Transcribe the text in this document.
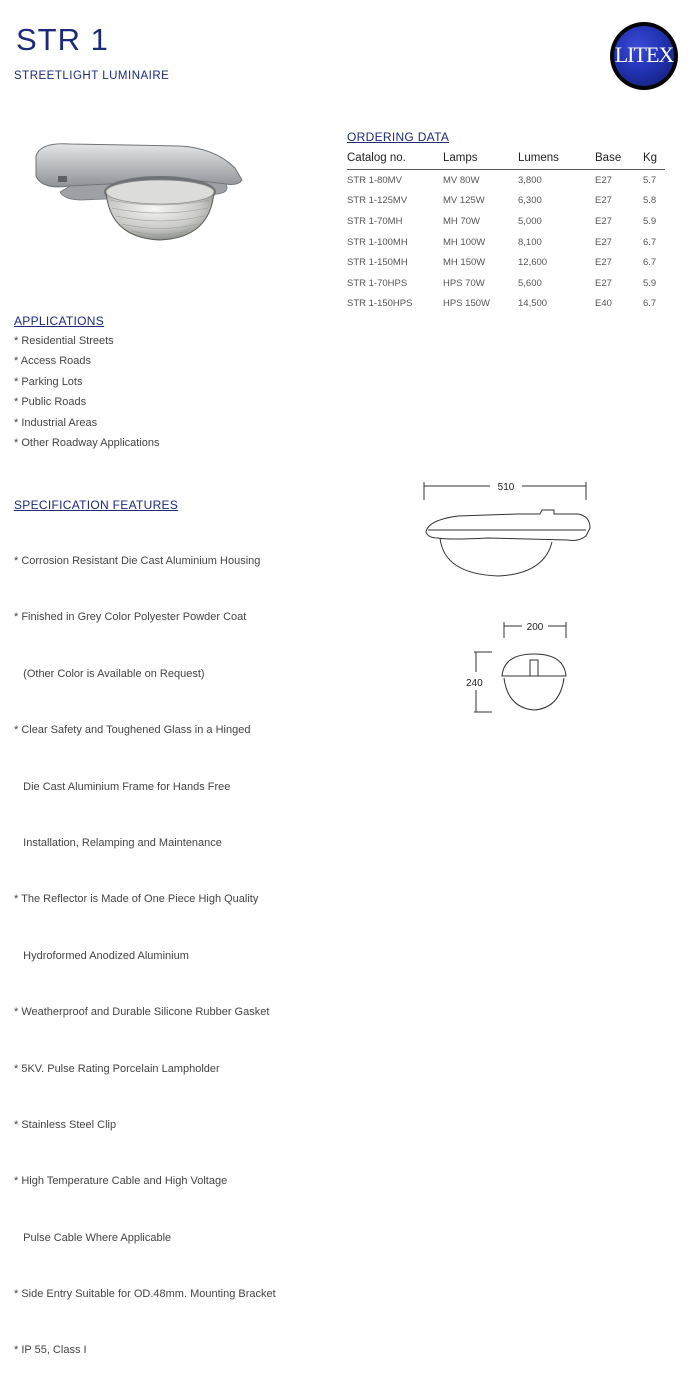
STR 1
STREETLIGHT LUMINAIRE
LITEX
ORDERING DATA
Catalog no.	Lamps	Lumens	Base	Kg
STR 1-80MV	MV 80W	3,800	E27	5.7
STR 1-125MV	MV 125W	6,300	E27	5.8
STR 1-70MH	MH 70W	5,000	E27	5.9
STR 1-100MH	MH 100W	8,100	E27	6.7
STR 1-150MH	MH 150W	12,600	E27	6.7
STR 1-70HPS	HPS 70W	5,600	E27	5.9
STR 1-150HPS	HPS 150W	14,500	E40	6.7
APPLICATIONS
* Residential Streets
* Access Roads
* Parking Lots
* Public Roads
* Industrial Areas
* Other Roadway Applications
SPECIFICATION FEATURES

* Corrosion Resistant Die Cast Aluminium Housing

* Finished in Grey Color Polyester Powder Coat

(Other Color is Available on Request)

* Clear Safety and Toughened Glass in a Hinged

Die Cast Aluminium Frame for Hands Free

Installation, Relamping and Maintenance

* The Reflector is Made of One Piece High Quality

Hydroformed Anodized Aluminium

* Weatherproof and Durable Silicone Rubber Gasket

* 5KV. Pulse Rating Porcelain Lampholder

* Stainless Steel Clip

* High Temperature Cable and High Voltage

Pulse Cable Where Applicable

* Side Entry Suitable for OD.48mm. Mounting Bracket

* IP 55, Class I

510
200
240
